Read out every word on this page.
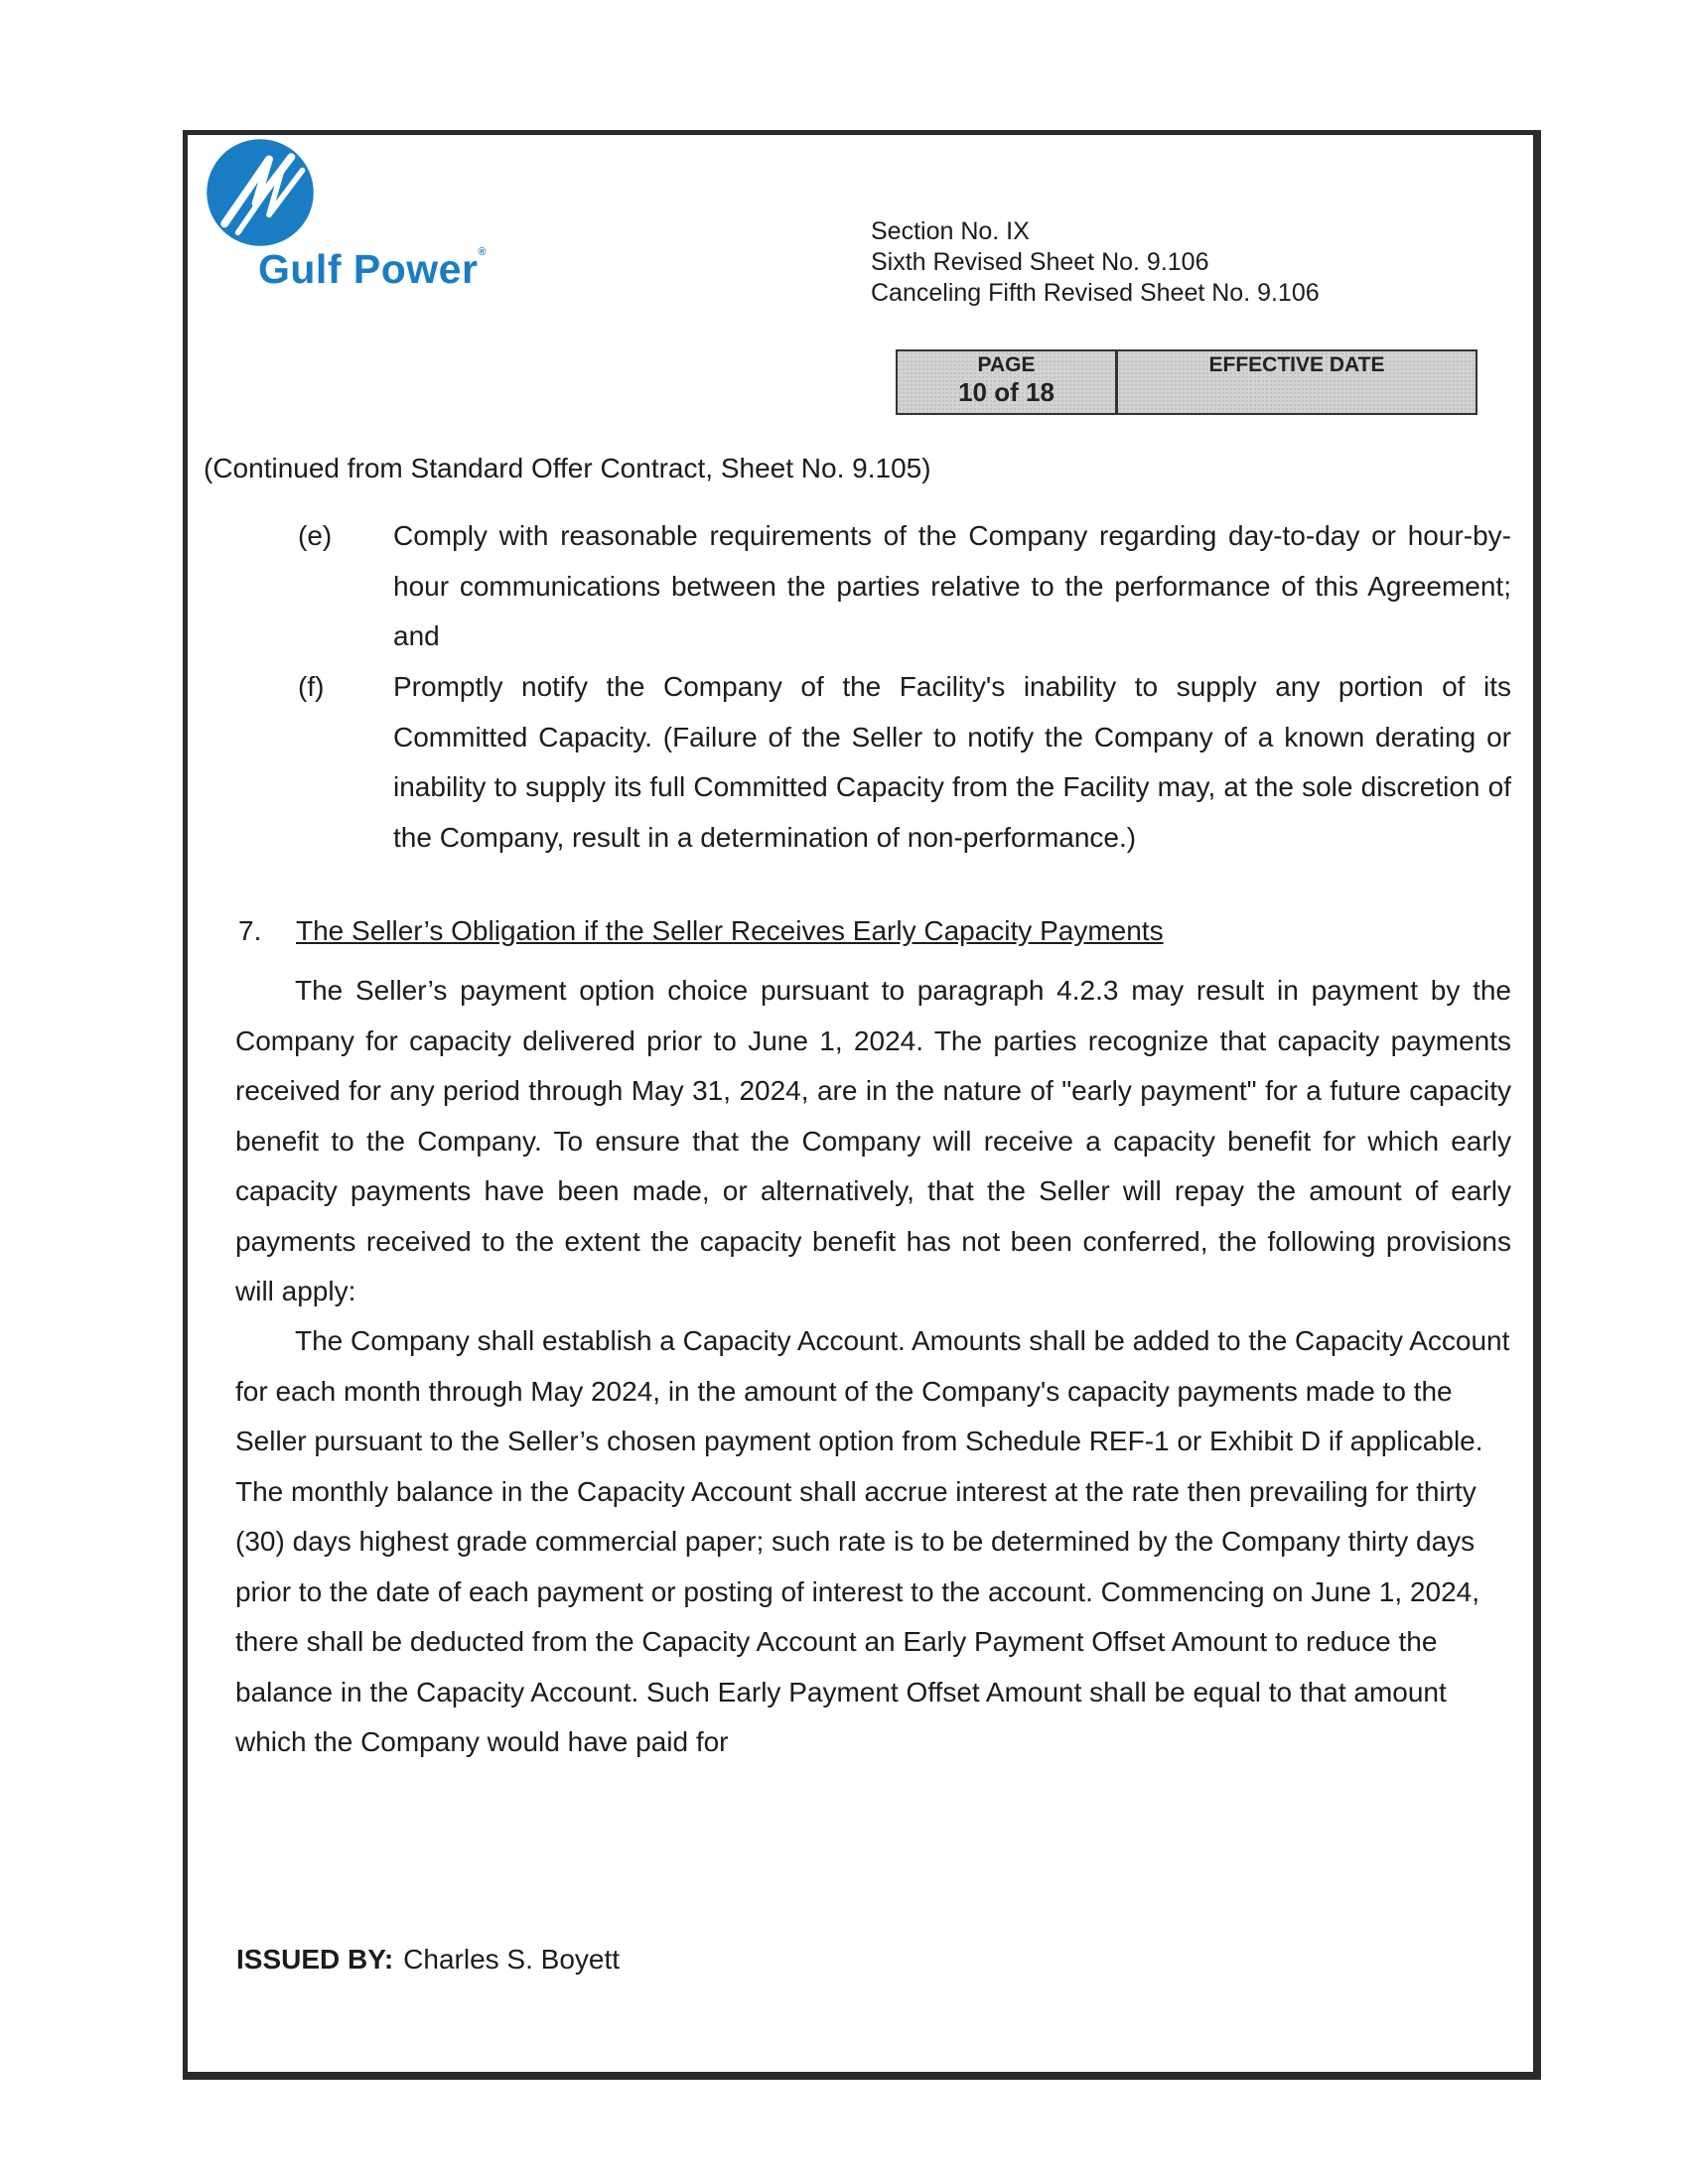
Gulf Power®
Section No. IX
Sixth Revised Sheet No. 9.106
Canceling Fifth Revised Sheet No. 9.106
PAGE
10 of 18
EFFECTIVE DATE
(Continued from Standard Offer Contract, Sheet No. 9.105)
(e) Comply with reasonable requirements of the Company regarding day-to-day or hour-by-hour communications between the parties relative to the performance of this Agreement; and
(f) Promptly notify the Company of the Facility's inability to supply any portion of its Committed Capacity. (Failure of the Seller to notify the Company of a known derating or inability to supply its full Committed Capacity from the Facility may, at the sole discretion of the Company, result in a determination of non-performance.)
7. The Seller’s Obligation if the Seller Receives Early Capacity Payments
The Seller’s payment option choice pursuant to paragraph 4.2.3 may result in payment by the Company for capacity delivered prior to June 1, 2024. The parties recognize that capacity payments received for any period through May 31, 2024, are in the nature of "early payment" for a future capacity benefit to the Company. To ensure that the Company will receive a capacity benefit for which early capacity payments have been made, or alternatively, that the Seller will repay the amount of early payments received to the extent the capacity benefit has not been conferred, the following provisions will apply:
The Company shall establish a Capacity Account. Amounts shall be added to the Capacity Account for each month through May 2024, in the amount of the Company's capacity payments made to the Seller pursuant to the Seller’s chosen payment option from Schedule REF-1 or Exhibit D if applicable. The monthly balance in the Capacity Account shall accrue interest at the rate then prevailing for thirty (30) days highest grade commercial paper; such rate is to be determined by the Company thirty days prior to the date of each payment or posting of interest to the account. Commencing on June 1, 2024, there shall be deducted from the Capacity Account an Early Payment Offset Amount to reduce the balance in the Capacity Account. Such Early Payment Offset Amount shall be equal to that amount which the Company would have paid for
ISSUED BY: Charles S. Boyett
